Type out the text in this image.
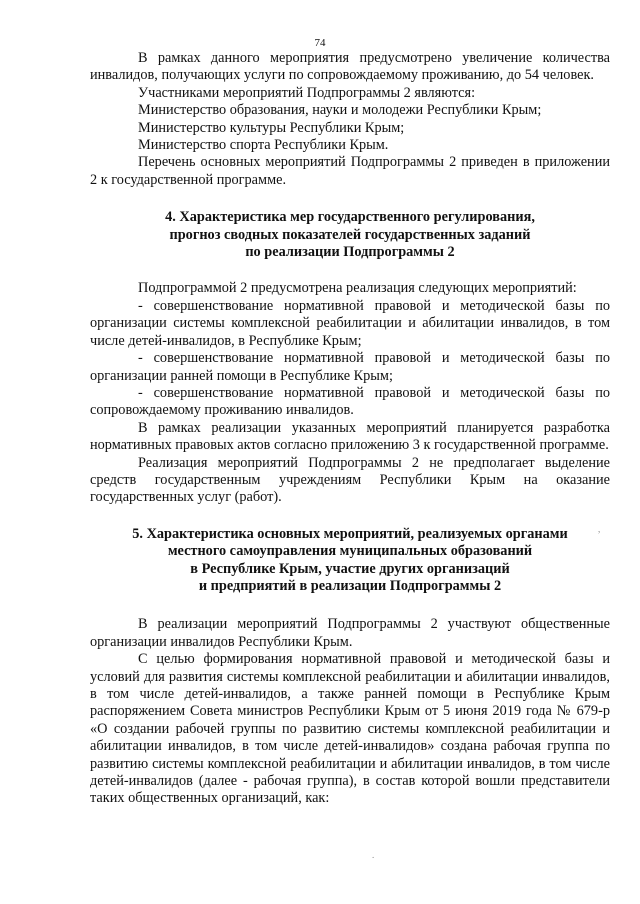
74

В рамках данного мероприятия предусмотрено увеличение количества инвалидов, получающих услуги по сопровождаемому проживанию, до 54 человек.

Участниками мероприятий Подпрограммы 2 являются:

Министерство образования, науки и молодежи Республики Крым;

Министерство культуры Республики Крым;

Министерство спорта Республики Крым.

Перечень основных мероприятий Подпрограммы 2 приведен в приложении 2 к государственной программе.

4. Характеристика мер государственного регулирования,
прогноз сводных показателей государственных заданий
по реализации Подпрограммы 2

Подпрограммой 2 предусмотрена реализация следующих мероприятий:

- совершенствование нормативной правовой и методической базы по организации системы комплексной реабилитации и абилитации инвалидов, в том числе детей-инвалидов, в Республике Крым;

- совершенствование нормативной правовой и методической базы по организации ранней помощи в Республике Крым;

- совершенствование нормативной правовой и методической базы по сопровождаемому проживанию инвалидов.

В рамках реализации указанных мероприятий планируется разработка нормативных правовых актов согласно приложению 3 к государственной программе.

Реализация мероприятий Подпрограммы 2 не предполагает выделение средств государственным учреждениям Республики Крым на оказание государственных услуг (работ).

5. Характеристика основных мероприятий, реализуемых органами
местного самоуправления муниципальных образований
в Республике Крым, участие других организаций
и предприятий в реализации Подпрограммы 2

В реализации мероприятий Подпрограммы 2 участвуют общественные организации инвалидов Республики Крым.

С целью формирования нормативной правовой и методической базы и условий для развития системы комплексной реабилитации и абилитации инвалидов, в том числе детей-инвалидов, а также ранней помощи в Республике Крым распоряжением Совета министров Республики Крым от 5 июня 2019 года № 679-р «О создании рабочей группы по развитию системы комплексной реабилитации и абилитации инвалидов, в том числе детей-инвалидов» создана рабочая группа по развитию системы комплексной реабилитации и абилитации инвалидов, в том числе детей-инвалидов (далее - рабочая группа), в состав которой вошли представители таких общественных организаций, как:

,
.
